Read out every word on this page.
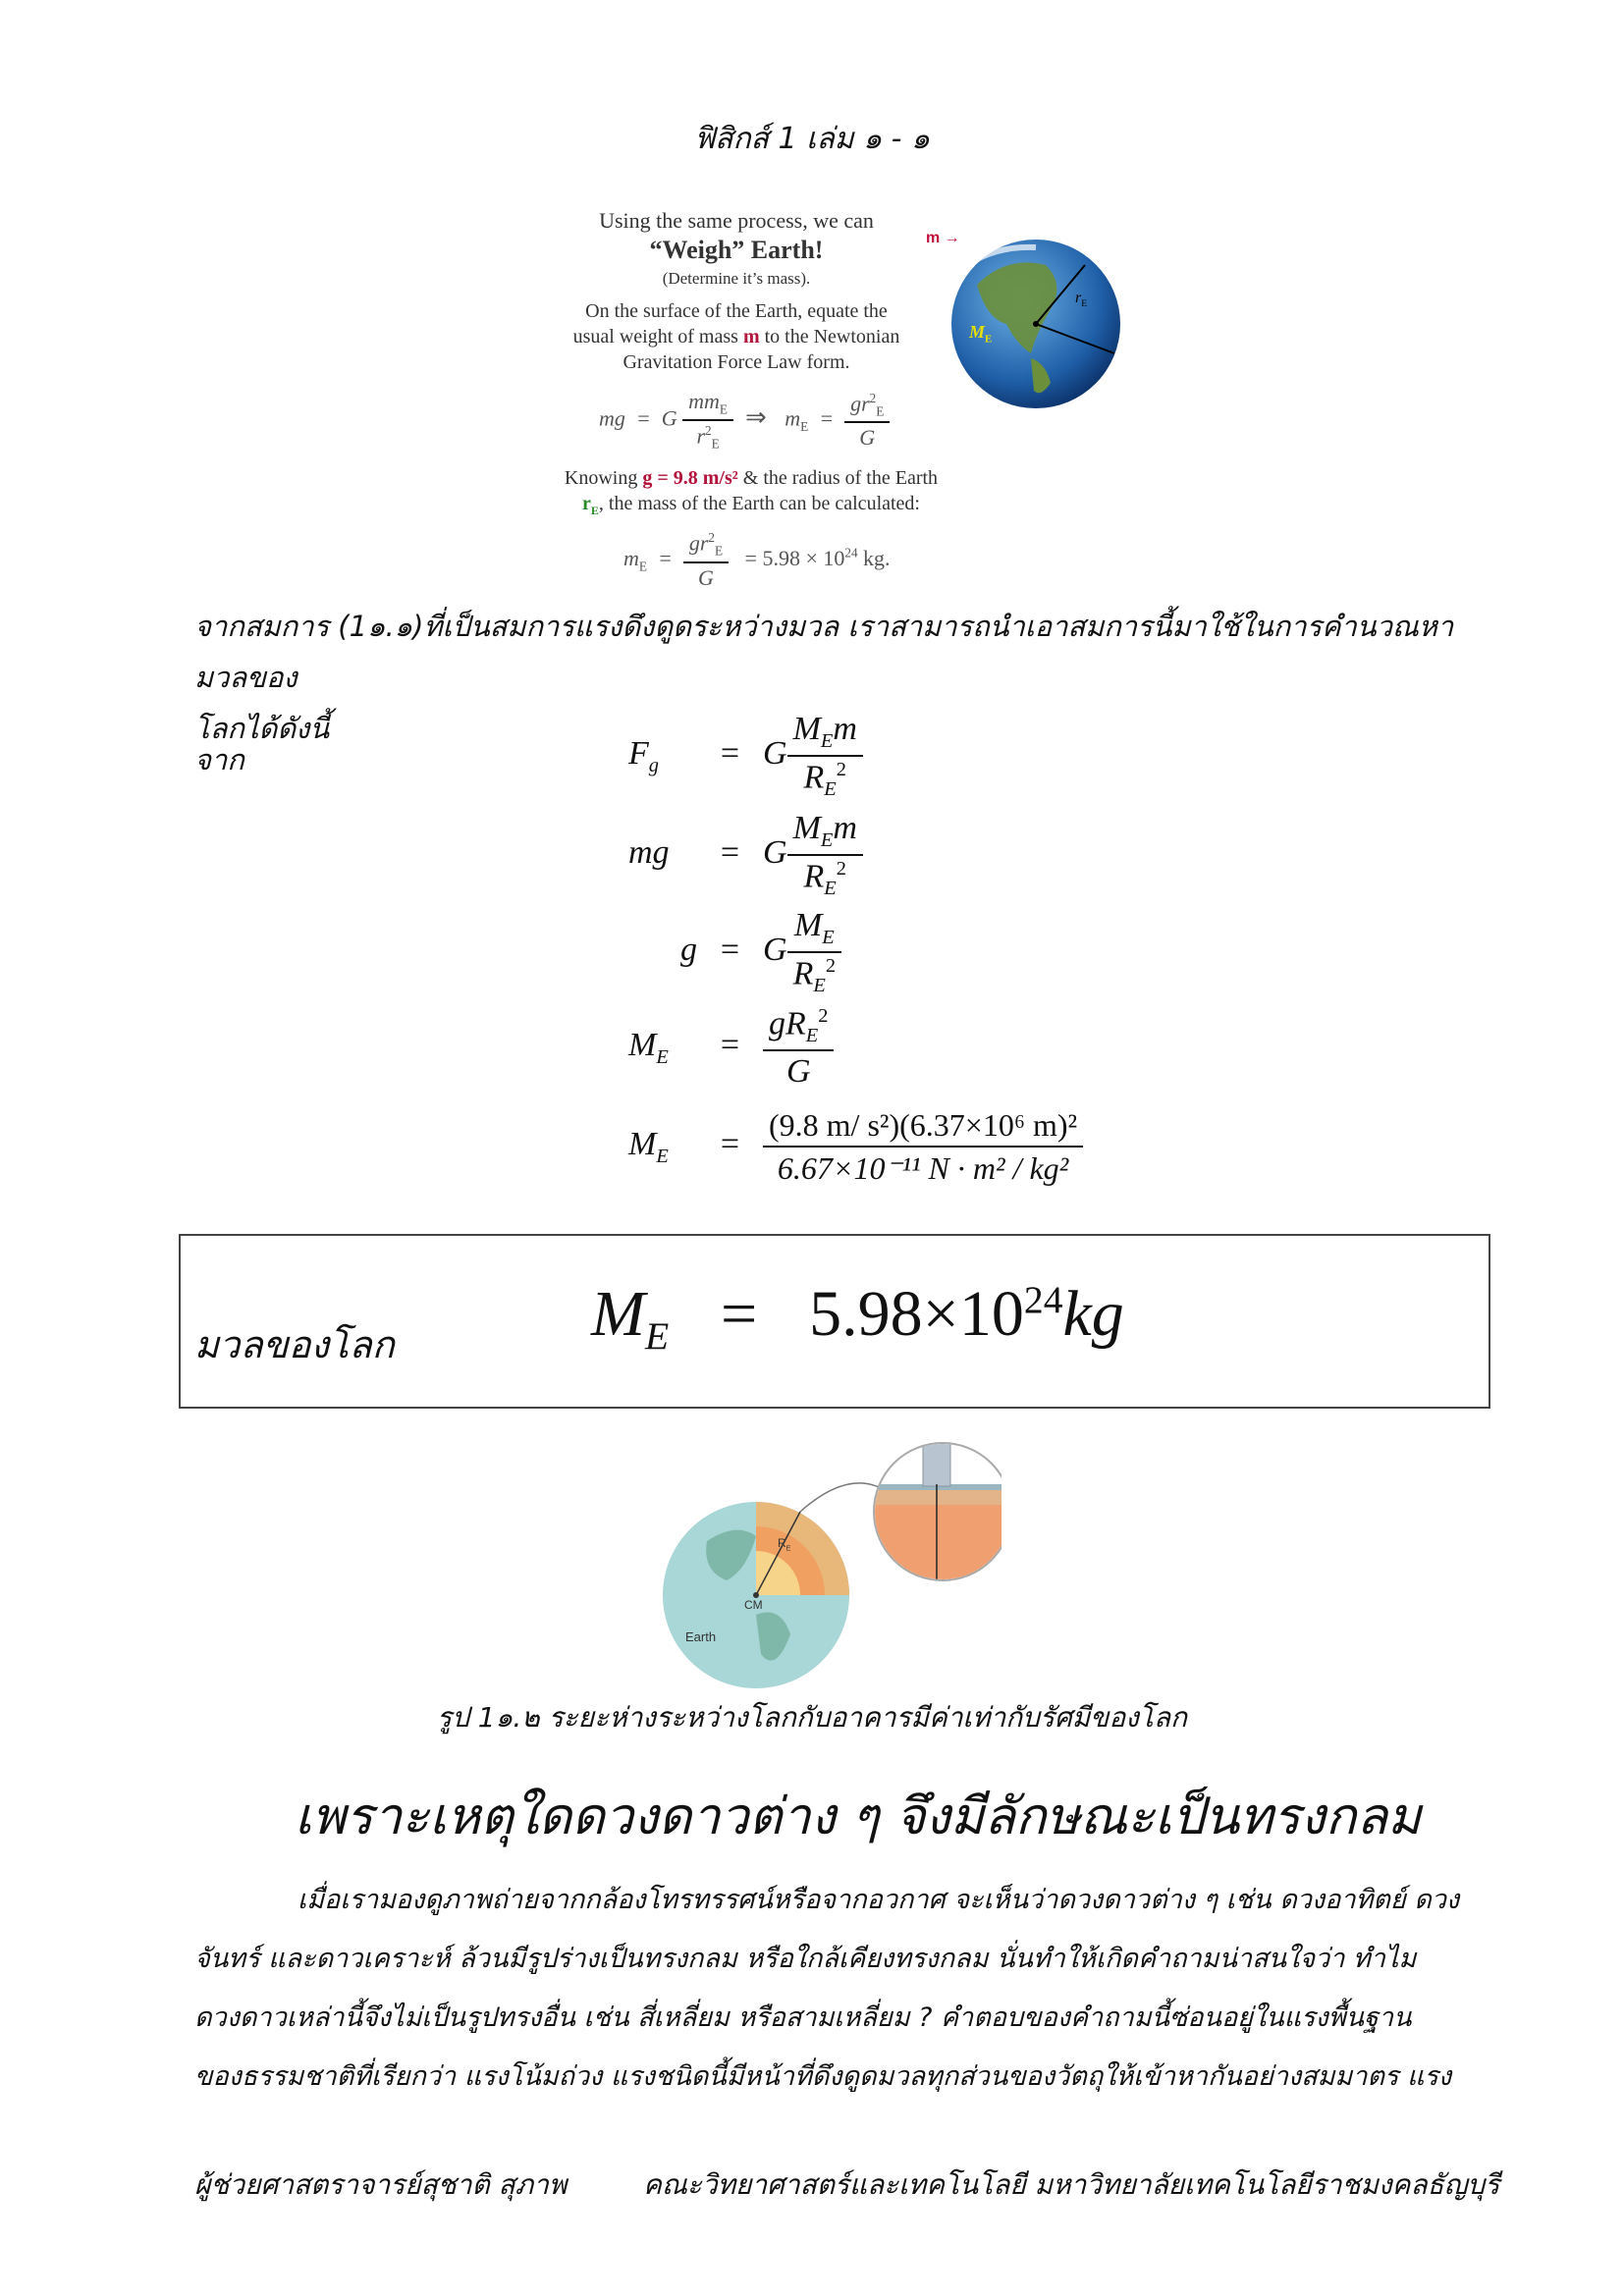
ฟิสิกส์ 1 เล่ม ๑ - ๑
Using the same process, we can
“Weigh” Earth!
(Determine it’s mass).
On the surface of the Earth, equate the
usual weight of mass m to the Newtonian
Gravitation Force Law form.
mg  =  G $\frac{mm_E}{r^2_E}$ ⇒   $m_E = \frac{gr^2_E}{G}$
Knowing g = 9.8 m/s² & the radius of the Earth
$r_E$, the mass of the Earth can be calculated:
$m_E = \frac{gr^2_E}{G} = 5.98 \times 10^{24}$ kg.
m →
$r_E$
$M_E$
จากสมการ (1๑.๑)ที่เป็นสมการแรงดึงดูดระหว่างมวล เราสามารถนำเอาสมการนี้มาใช้ในการคำนวณหามวลของ
โลกได้ดังนี้
จาก	$F_g = G \frac{M_Em}{R_E^2}$
mg = G $\frac{M_Em}{R_E^2}$
g = G $\frac{M_E}{R_E^2}$
$M_E = \frac{gR_E^2}{G}$
$M_E = \frac{\text{(9.8 m/ s²)(6.37×10⁶ m)²}}{\text{6.67×10⁻¹¹ N · m² / kg²}}$
มวลของโลก	$M_E = 5.98\times 10^{24}kg$
Earth
CM
$R_E$
รูป 1๑.๒ ระยะห่างระหว่างโลกกับอาคารมีค่าเท่ากับรัศมีของโลก
เพราะเหตุใดดวงดาวต่าง ๆ จึงมีลักษณะเป็นทรงกลม
เมื่อเรามองดูภาพถ่ายจากกล้องโทรทรรศน์หรือจากอวกาศ จะเห็นว่าดวงดาวต่าง ๆ เช่น ดวงอาทิตย์ ดวง
จันทร์ และดาวเคราะห์ ล้วนมีรูปร่างเป็นทรงกลม หรือใกล้เคียงทรงกลม นั่นทำให้เกิดคำถามน่าสนใจว่า ทำไม
ดวงดาวเหล่านี้จึงไม่เป็นรูปทรงอื่น เช่น สี่เหลี่ยม หรือสามเหลี่ยม ? คำตอบของคำถามนี้ซ่อนอยู่ในแรงพื้นฐาน
ของธรรมชาติที่เรียกว่า แรงโน้มถ่วง แรงชนิดนี้มีหน้าที่ดึงดูดมวลทุกส่วนของวัตถุให้เข้าหากันอย่างสมมาตร แรง
ผู้ช่วยศาสตราจารย์สุชาติ สุภาพ	คณะวิทยาศาสตร์และเทคโนโลยี มหาวิทยาลัยเทคโนโลยีราชมงคลธัญบุรี
